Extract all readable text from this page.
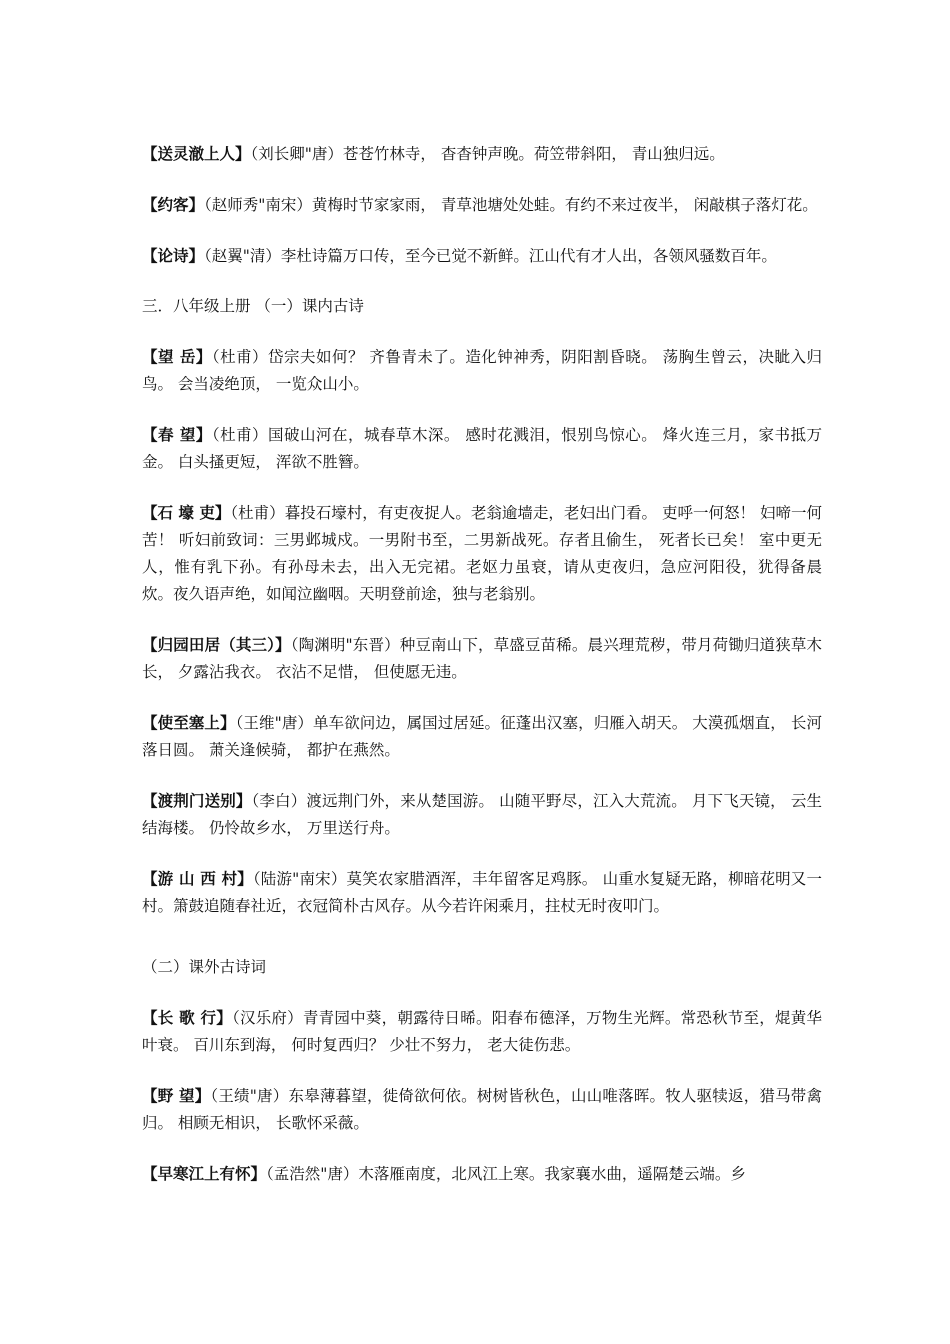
【送灵澈上人】（刘长卿"唐）苍苍竹林寺， 杳杳钟声晚。荷笠带斜阳， 青山独归远。

【约客】（赵师秀"南宋）黄梅时节家家雨， 青草池塘处处蛙。有约不来过夜半， 闲敲棋子落灯花。

【论诗】（赵翼"清）李杜诗篇万口传，至今已觉不新鲜。江山代有才人出，各领风骚数百年。

三．八年级上册 （一）课内古诗

【望 岳】（杜甫）岱宗夫如何？ 齐鲁青未了。造化钟神秀，阴阳割昏晓。 荡胸生曾云，决眦入归鸟。 会当凌绝顶， 一览众山小。

【春 望】（杜甫）国破山河在，城春草木深。 感时花溅泪，恨别鸟惊心。 烽火连三月，家书抵万金。 白头搔更短， 浑欲不胜簪。

【石 壕 吏】（杜甫）暮投石壕村，有吏夜捉人。老翁逾墙走，老妇出门看。 吏呼一何怒！ 妇啼一何苦！ 听妇前致词：三男邺城戍。一男附书至，二男新战死。存者且偷生， 死者长已矣！ 室中更无人，惟有乳下孙。有孙母未去，出入无完裙。老妪力虽衰，请从吏夜归，急应河阳役，犹得备晨炊。夜久语声绝，如闻泣幽咽。天明登前途，独与老翁别。

【归园田居（其三）】（陶渊明"东晋）种豆南山下，草盛豆苗稀。晨兴理荒秽，带月荷锄归道狭草木长， 夕露沾我衣。 衣沾不足惜， 但使愿无违。

【使至塞上】（王维"唐）单车欲问边，属国过居延。征蓬出汉塞，归雁入胡天。 大漠孤烟直， 长河落日圆。 萧关逢候骑， 都护在燕然。

【渡荆门送别】（李白）渡远荆门外，来从楚国游。 山随平野尽，江入大荒流。 月下飞天镜， 云生结海楼。 仍怜故乡水， 万里送行舟。

【游 山 西 村】（陆游"南宋）莫笑农家腊酒浑，丰年留客足鸡豚。 山重水复疑无路，柳暗花明又一村。箫鼓追随春社近，衣冠简朴古风存。从今若许闲乘月，拄杖无时夜叩门。

（二）课外古诗词

【长 歌 行】（汉乐府）青青园中葵，朝露待日晞。阳春布德泽，万物生光辉。常恐秋节至，焜黄华叶衰。 百川东到海， 何时复西归？ 少壮不努力， 老大徒伤悲。

【野 望】（王绩"唐）东皋薄暮望，徙倚欲何依。树树皆秋色，山山唯落晖。牧人驱犊返，猎马带禽归。 相顾无相识， 长歌怀采薇。

【早寒江上有怀】（孟浩然"唐）木落雁南度，北风江上寒。我家襄水曲，遥隔楚云端。乡
